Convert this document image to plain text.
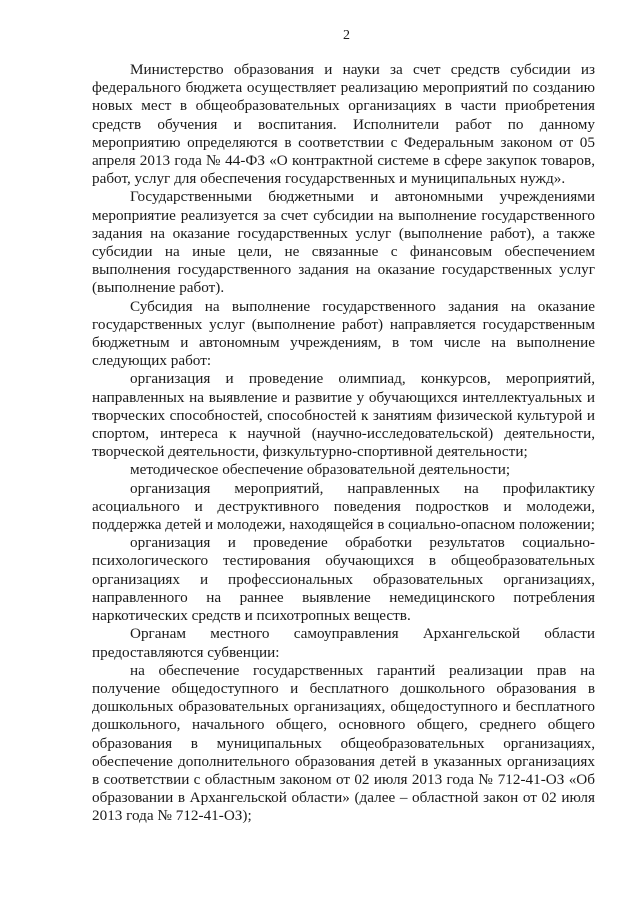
2

Министерство образования и науки за счет средств субсидии из федерального бюджета осуществляет реализацию мероприятий по созданию новых мест в общеобразовательных организациях в части приобретения средств обучения и воспитания. Исполнители работ по данному мероприятию определяются в соответствии с Федеральным законом от 05 апреля 2013 года № 44-ФЗ «О контрактной системе в сфере закупок товаров, работ, услуг для обеспечения государственных и муниципальных нужд».

Государственными бюджетными и автономными учреждениями мероприятие реализуется за счет субсидии на выполнение государственного задания на оказание государственных услуг (выполнение работ), а также субсидии на иные цели, не связанные с финансовым обеспечением выполнения государственного задания на оказание государственных услуг (выполнение работ).

Субсидия на выполнение государственного задания на оказание государственных услуг (выполнение работ) направляется государственным бюджетным и автономным учреждениям, в том числе на выполнение следующих работ:

организация и проведение олимпиад, конкурсов, мероприятий, направленных на выявление и развитие у обучающихся интеллектуальных и творческих способностей, способностей к занятиям физической культурой и спортом, интереса к научной (научно-исследовательской) деятельности, творческой деятельности, физкультурно-спортивной деятельности;

методическое обеспечение образовательной деятельности;

организация мероприятий, направленных на профилактику асоциального и деструктивного поведения подростков и молодежи, поддержка детей и молодежи, находящейся в социально-опасном положении;

организация и проведение обработки результатов социально-психологического тестирования обучающихся в общеобразовательных организациях и профессиональных образовательных организациях, направленного на раннее выявление немедицинского потребления наркотических средств и психотропных веществ.

Органам местного самоуправления Архангельской области предоставляются субвенции:

на обеспечение государственных гарантий реализации прав на получение общедоступного и бесплатного дошкольного образования в дошкольных образовательных организациях, общедоступного и бесплатного дошкольного, начального общего, основного общего, среднего общего образования в муниципальных общеобразовательных организациях, обеспечение дополнительного образования детей в указанных организациях в соответствии с областным законом от 02 июля 2013 года № 712-41-ОЗ «Об образовании в Архангельской области» (далее – областной закон от 02 июля 2013 года № 712-41-ОЗ);
